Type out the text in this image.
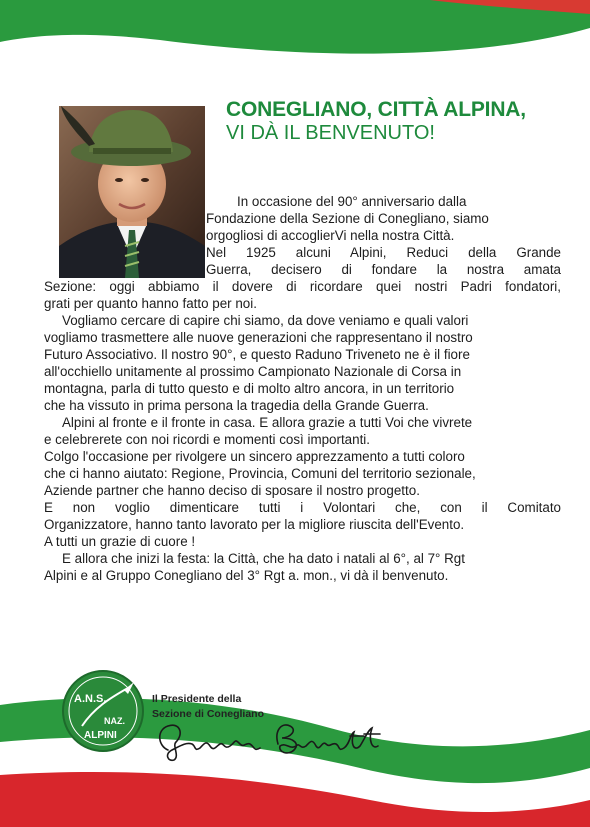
CONEGLIANO, CITTÀ ALPINA,
VI DÀ IL BENVENUTO!
In occasione del 90° anniversario dalla
Fondazione della Sezione di Conegliano, siamo
orgogliosi di accoglierVi nella nostra Città.
Nel 1925 alcuni Alpini, Reduci della Grande
Guerra, decisero di fondare la nostra amata
Sezione: oggi abbiamo il dovere di ricordare quei nostri Padri fondatori,
grati per quanto hanno fatto per noi.
Vogliamo cercare di capire chi siamo, da dove veniamo e quali valori
vogliamo trasmettere alle nuove generazioni che rappresentano il nostro
Futuro Associativo. Il nostro 90°, e questo Raduno Triveneto ne è il fiore
all'occhiello unitamente al prossimo Campionato Nazionale di Corsa in
montagna, parla di tutto questo e di molto altro ancora, in un territorio
che ha vissuto in prima persona la tragedia della Grande Guerra.
Alpini al fronte e il fronte in casa. E allora grazie a tutti Voi che vivrete
e celebrerete con noi ricordi e momenti così importanti.
Colgo l'occasione per rivolgere un sincero apprezzamento a tutti coloro
che ci hanno aiutato: Regione, Provincia, Comuni del territorio sezionale,
Aziende partner che hanno deciso di sposare il nostro progetto.
E non voglio dimenticare tutti i Volontari che, con il Comitato
Organizzatore, hanno tanto lavorato per la migliore riuscita dell'Evento.
A tutti un grazie di cuore !
E allora che inizi la festa: la Città, che ha dato i natali al 6°, al 7° Rgt
Alpini e al Gruppo Conegliano del 3° Rgt a. mon., vi dà il benvenuto.
A.N.S.
NAZ.
ALPINI
Il Presidente della
Sezione di Conegliano
